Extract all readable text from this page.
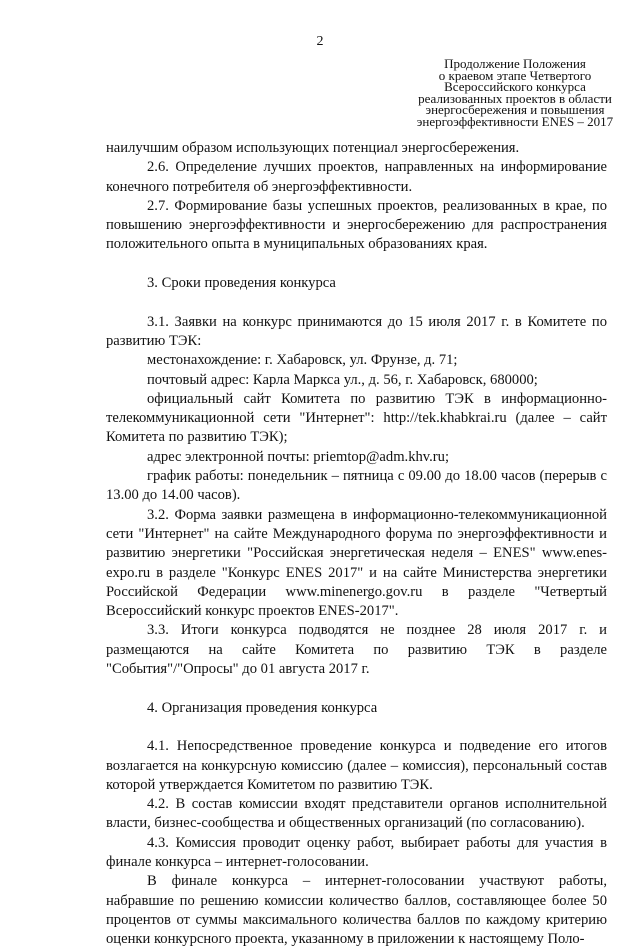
2
Продолжение Положения
о краевом этапе Четвертого
Всероссийского конкурса
реализованных проектов в области
энергосбережения и повышения
энергоэффективности ENES – 2017

наилучшим образом использующих потенциал энергосбережения.

2.6. Определение лучших проектов, направленных на информирование конечного потребителя об энергоэффективности.

2.7. Формирование базы успешных проектов, реализованных в крае, по повышению энергоэффективности и энергосбережению для распространения положительного опыта в муниципальных образованиях края.

3. Сроки проведения конкурса

3.1. Заявки на конкурс принимаются до 15 июля 2017 г. в Комитете по развитию ТЭК:

местонахождение: г. Хабаровск, ул. Фрунзе, д. 71;

почтовый адрес: Карла Маркса ул., д. 56, г. Хабаровск, 680000;

официальный сайт Комитета по развитию ТЭК в информационно-телекоммуникационной сети "Интернет": http://tek.khabkrai.ru (далее – сайт Комитета по развитию ТЭК);

адрес электронной почты: priemtop@adm.khv.ru;

график работы: понедельник – пятница с 09.00 до 18.00 часов (перерыв с 13.00 до 14.00 часов).

3.2. Форма заявки размещена в информационно-телекоммуникационной сети "Интернет" на сайте Международного форума по энергоэффективности и развитию энергетики "Российская энергетическая неделя – ENES" www.enes-expo.ru в разделе "Конкурс ENES 2017" и на сайте Министерства энергетики Российской Федерации www.minenergo.gov.ru в разделе "Четвертый Всероссийский конкурс проектов ENES-2017".

3.3. Итоги конкурса подводятся не позднее 28 июля 2017 г. и размещаются на сайте Комитета по развитию ТЭК в разделе "События"/"Опросы" до 01 августа 2017 г.

4. Организация проведения конкурса

4.1. Непосредственное проведение конкурса и подведение его итогов возлагается на конкурсную комиссию (далее – комиссия), персональный состав которой утверждается Комитетом по развитию ТЭК.

4.2. В состав комиссии входят представители органов исполнительной власти, бизнес-сообщества и общественных организаций (по согласованию).

4.3. Комиссия проводит оценку работ, выбирает работы для участия в финале конкурса – интернет-голосовании.

В финале конкурса – интернет-голосовании участвуют работы, набравшие по решению комиссии количество баллов, составляющее более 50 процентов от суммы максимального количества баллов по каждому критерию оценки конкурсного проекта, указанному в приложении к настоящему Поло-
